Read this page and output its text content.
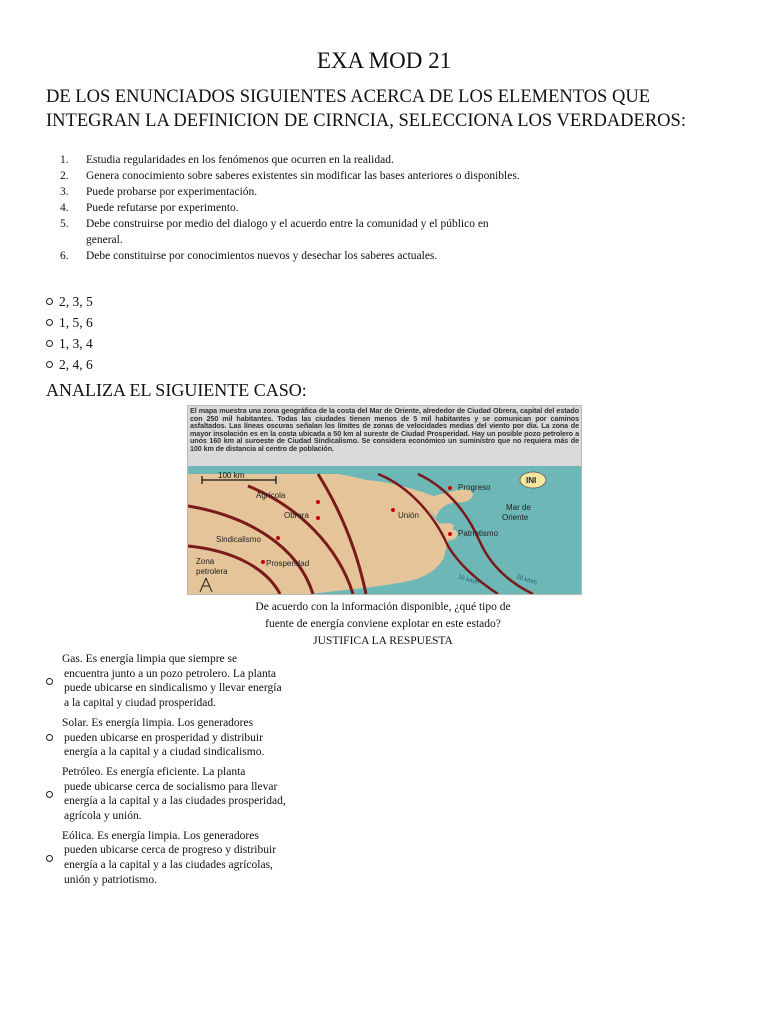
EXA MOD 21
DE LOS ENUNCIADOS SIGUIENTES ACERCA DE LOS ELEMENTOS QUE INTEGRAN LA DEFINICION DE CIRNCIA, SELECCIONA LOS VERDADEROS:
1. Estudia regularidades en los fenómenos que ocurren en la realidad.
2. Genera conocimiento sobre saberes existentes sin modificar las bases anteriores o disponibles.
3. Puede probarse por experimentación.
4. Puede refutarse por experimento.
5. Debe construirse por medio del dialogo y el acuerdo entre la comunidad y el público en general.
6. Debe constituirse por conocimientos nuevos y desechar los saberes actuales.
2, 3, 5
1, 5, 6
1, 3, 4
2, 4, 6
ANALIZA EL SIGUIENTE CASO:
El mapa muestra una zona geográfica de la costa del Mar de Oriente, alrededor de Ciudad Obrera, capital del estado con 250 mil habitantes. Todas las ciudades tienen menos de 5 mil habitantes y se comunican por caminos asfaltados. Las líneas oscuras señalan los límites de zonas de velocidades medias del viento por día. La zona de mayor insolación es en la costa ubicada a 50 km al sureste de Ciudad Prosperidad. Hay un posible pozo petrolero a unos 160 km al suroeste de Ciudad Sindicalismo. Se considera económico un suministro que no requiera más de 100 km de distancia al centro de población.
100 km
Agrícola
Obrera	Unión
Progreso
Mar de
Oriente
Patriotismo
Sindicalismo
Prosperidad
Zona
petrolera
INI
15 km/h	20 km/h
De acuerdo con la información disponible, ¿qué tipo de fuente de energía conviene explotar en este estado? JUSTIFICA LA RESPUESTA
Gas. Es energía limpia que siempre se
encuentra junto a un pozo petrolero. La planta puede ubicarse en sindicalismo y llevar energía a la capital y ciudad prosperidad.
Solar. Es energía limpia. Los generadores
pueden ubicarse en prosperidad y distribuir energía a la capital y a ciudad sindicalismo.
Petróleo. Es energía eficiente. La planta
puede ubicarse cerca de socialismo para llevar energía a la capital y a las ciudades prosperidad, agrícola y unión.
Eólica. Es energía limpia. Los generadores
pueden ubicarse cerca de progreso y distribuir energía a la capital y a las ciudades agrícolas, unión y patriotismo.
